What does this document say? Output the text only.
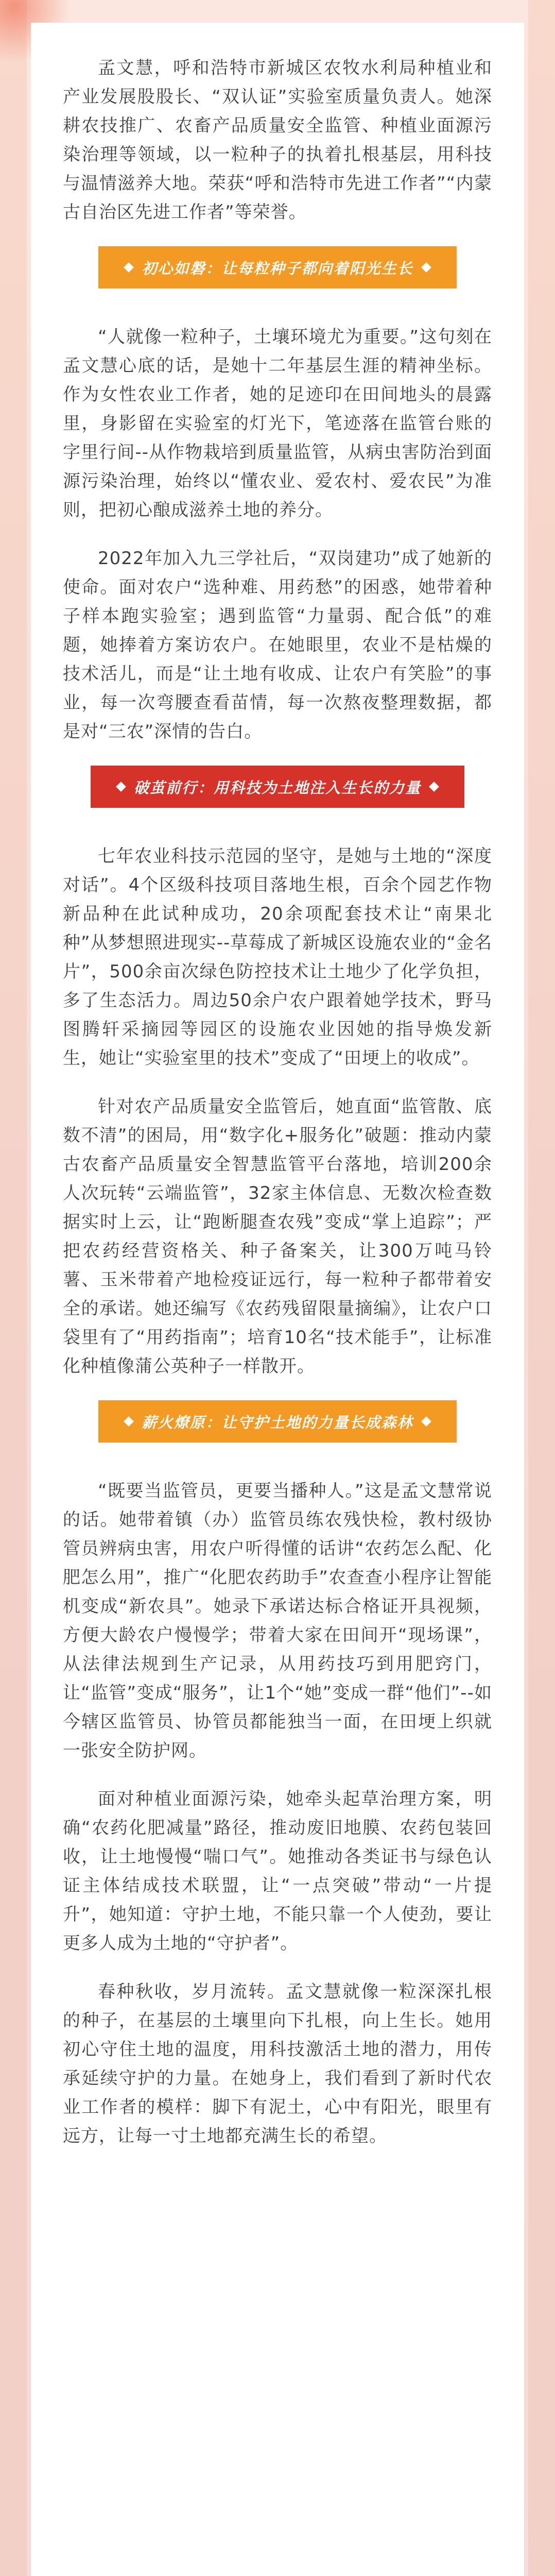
孟文慧，呼和浩特市新城区农牧水利局种植业和产业发展股股长、“双认证”实验室质量负责人。她深耕农技推广、农畜产品质量安全监管、种植业面源污染治理等领域，以一粒种子的执着扎根基层，用科技与温情滋养大地。荣获“呼和浩特市先进工作者”“内蒙古自治区先进工作者”等荣誉。

初心如磐：让每粒种子都向着阳光生长

“人就像一粒种子，土壤环境尤为重要。”这句刻在孟文慧心底的话，是她十二年基层生涯的精神坐标。作为女性农业工作者，她的足迹印在田间地头的晨露里，身影留在实验室的灯光下，笔迹落在监管台账的字里行间--从作物栽培到质量监管，从病虫害防治到面源污染治理，始终以“懂农业、爱农村、爱农民”为准则，把初心酿成滋养土地的养分。

2022年加入九三学社后，“双岗建功”成了她新的使命。面对农户“选种难、用药愁”的困惑，她带着种子样本跑实验室；遇到监管“力量弱、配合低”的难题，她捧着方案访农户。在她眼里，农业不是枯燥的技术活儿，而是“让土地有收成、让农户有笑脸”的事业，每一次弯腰查看苗情，每一次熬夜整理数据，都是对“三农”深情的告白。

破茧前行：用科技为土地注入生长的力量

七年农业科技示范园的坚守，是她与土地的“深度对话”。4个区级科技项目落地生根，百余个园艺作物新品种在此试种成功，20余项配套技术让“南果北种”从梦想照进现实--草莓成了新城区设施农业的“金名片”，500余亩次绿色防控技术让土地少了化学负担，多了生态活力。周边50余户农户跟着她学技术，野马图腾轩采摘园等园区的设施农业因她的指导焕发新生，她让“实验室里的技术”变成了“田埂上的收成”。

针对农产品质量安全监管后，她直面“监管散、底数不清”的困局，用“数字化+服务化”破题：推动内蒙古农畜产品质量安全智慧监管平台落地，培训200余人次玩转“云端监管”，32家主体信息、无数次检查数据实时上云，让“跑断腿查农残”变成“掌上追踪”；严把农药经营资格关、种子备案关，让300万吨马铃薯、玉米带着产地检疫证远行，每一粒种子都带着安全的承诺。她还编写《农药残留限量摘编》，让农户口袋里有了“用药指南”；培育10名“技术能手”，让标准化种植像蒲公英种子一样散开。

薪火燎原：让守护土地的力量长成森林

“既要当监管员，更要当播种人。”这是孟文慧常说的话。她带着镇（办）监管员练农残快检，教村级协管员辨病虫害，用农户听得懂的话讲“农药怎么配、化肥怎么用”，推广“化肥农药助手”农查查小程序让智能机变成“新农具”。她录下承诺达标合格证开具视频，方便大龄农户慢慢学；带着大家在田间开“现场课”，从法律法规到生产记录，从用药技巧到用肥窍门，让“监管”变成“服务”，让1个“她”变成一群“他们”--如今辖区监管员、协管员都能独当一面，在田埂上织就一张安全防护网。

面对种植业面源污染，她牵头起草治理方案，明确“农药化肥减量”路径，推动废旧地膜、农药包装回收，让土地慢慢“喘口气”。她推动各类证书与绿色认证主体结成技术联盟，让“一点突破”带动“一片提升”，她知道：守护土地，不能只靠一个人使劲，要让更多人成为土地的“守护者”。

春种秋收，岁月流转。孟文慧就像一粒深深扎根的种子，在基层的土壤里向下扎根，向上生长。她用初心守住土地的温度，用科技激活土地的潜力，用传承延续守护的力量。在她身上，我们看到了新时代农业工作者的模样：脚下有泥土，心中有阳光，眼里有远方，让每一寸土地都充满生长的希望。
